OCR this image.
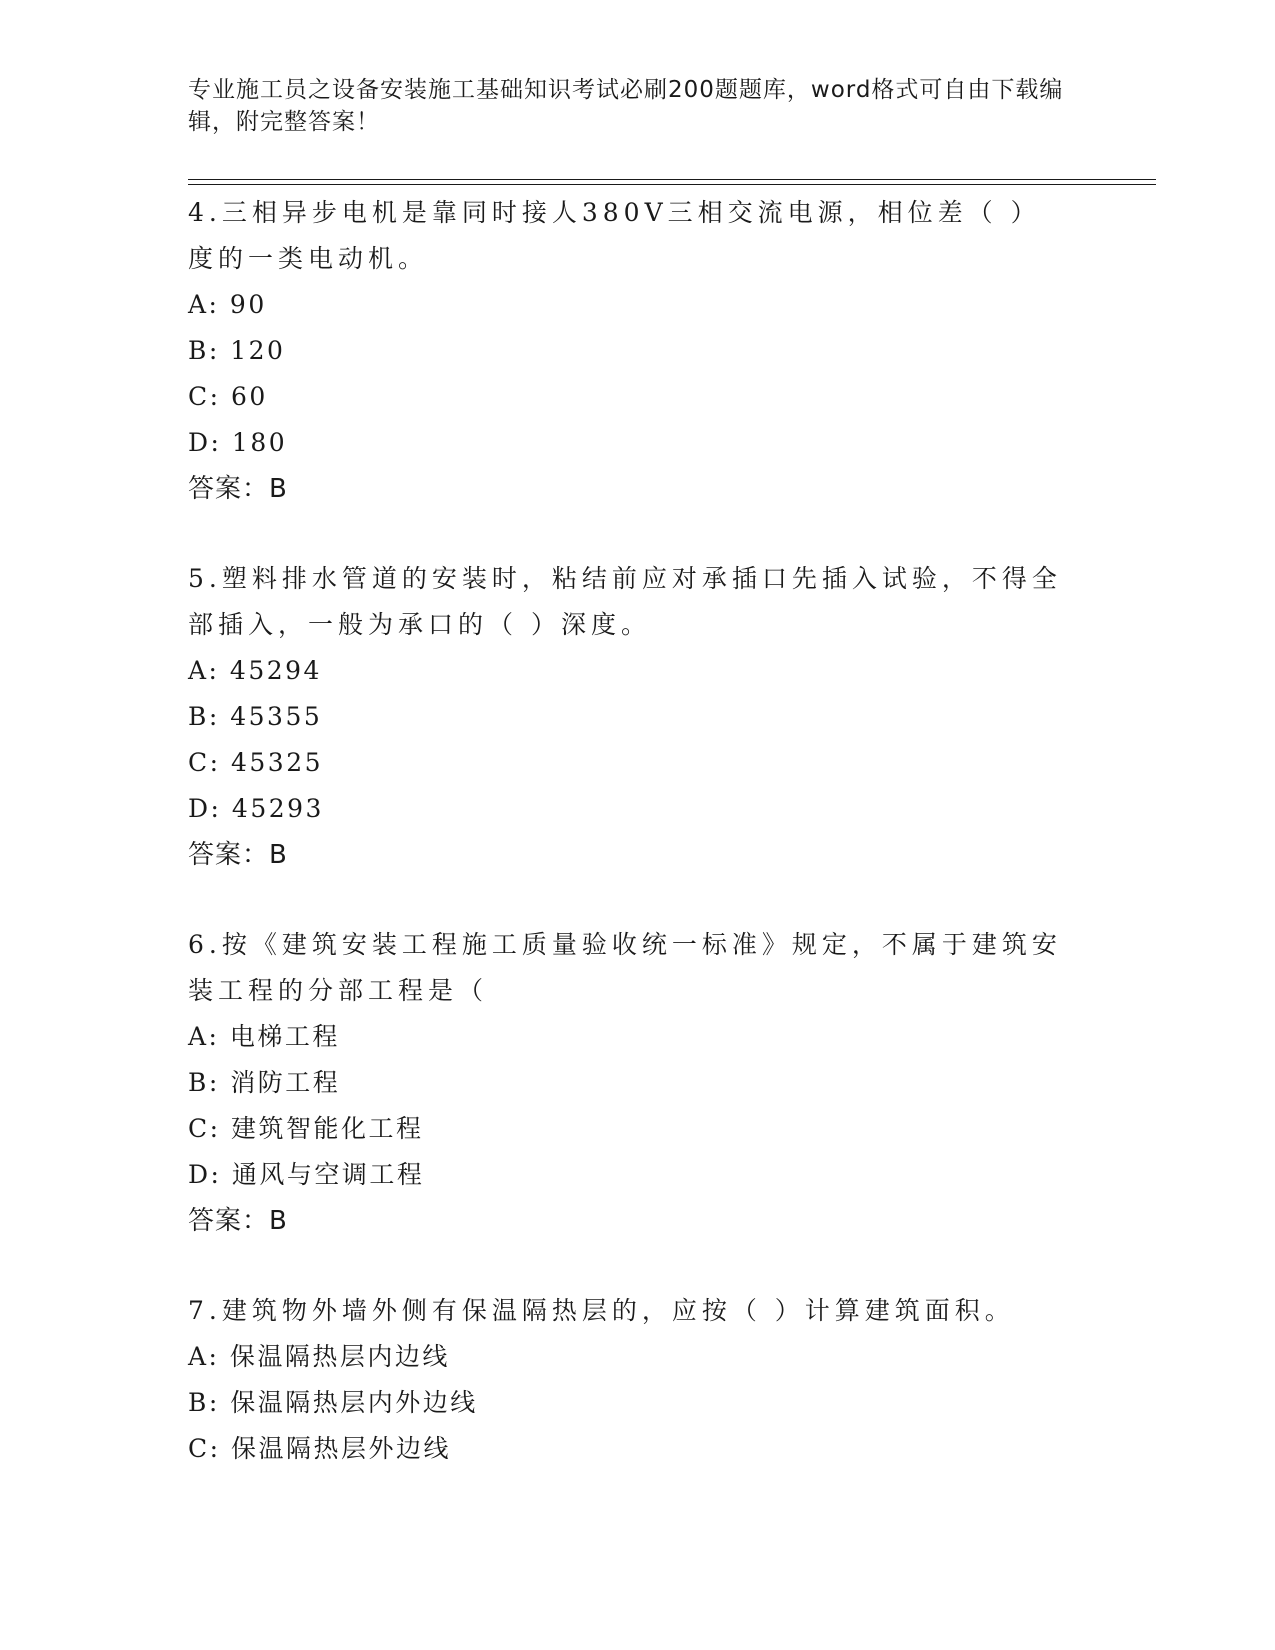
专业施工员之设备安装施工基础知识考试必刷200题题库，word格式可自由下载编辑，附完整答案！

4.三相异步电机是靠同时接人380V三相交流电源，相位差（ ）度的一类电动机。

A: 90

B: 120

C: 60

D: 180

答案：B

5.塑料排水管道的安装时，粘结前应对承插口先插入试验，不得全部插入，一般为承口的（ ）深度。

A: 45294

B: 45355

C: 45325

D: 45293

答案：B

6.按《建筑安装工程施工质量验收统一标准》规定，不属于建筑安装工程的分部工程是（

A: 电梯工程

B: 消防工程

C: 建筑智能化工程

D: 通风与空调工程

答案：B

7.建筑物外墙外侧有保温隔热层的，应按（ ）计算建筑面积。

A: 保温隔热层内边线

B: 保温隔热层内外边线

C: 保温隔热层外边线
